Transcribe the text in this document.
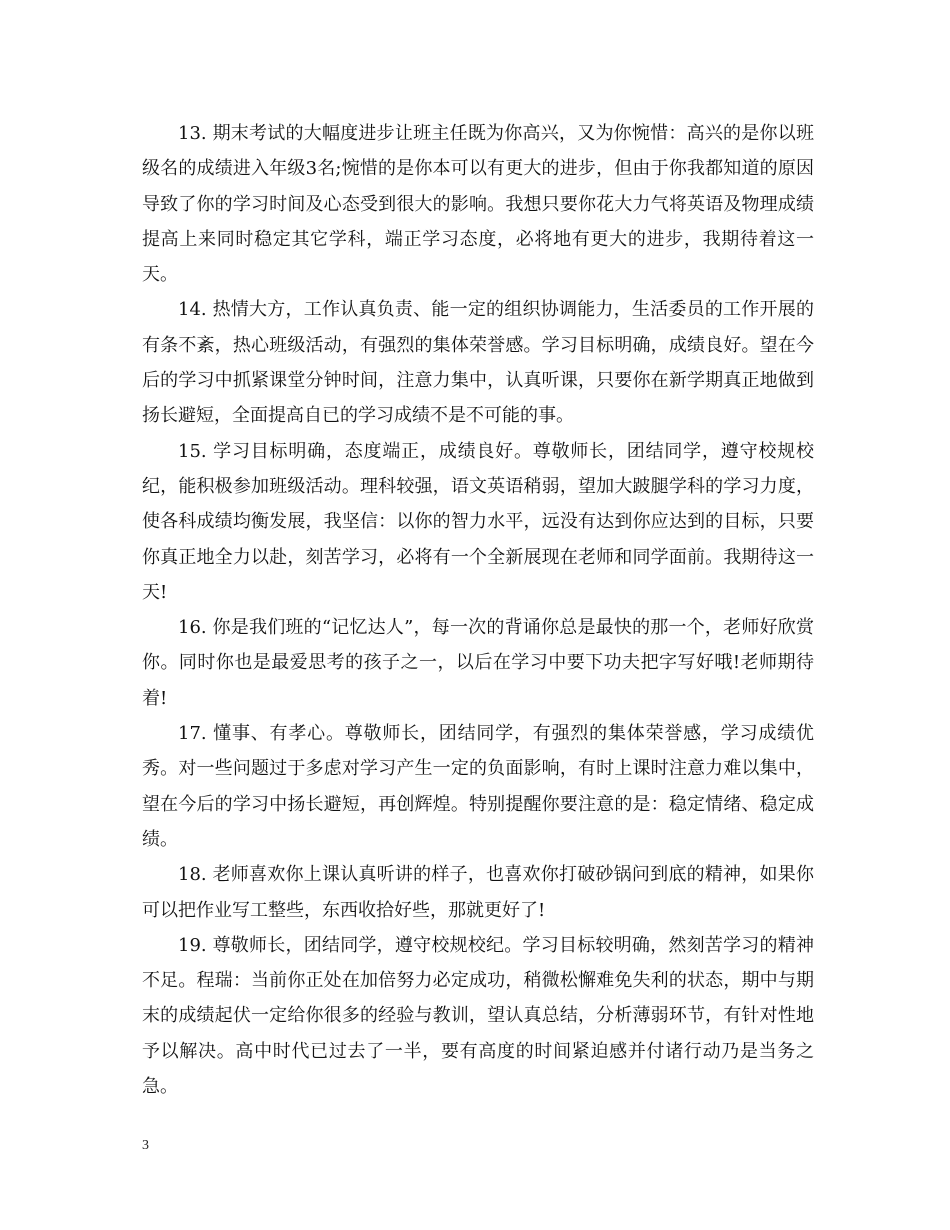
13. 期末考试的大幅度进步让班主任既为你高兴，又为你惋惜：高兴的是你以班级名的成绩进入年级3名;惋惜的是你本可以有更大的进步，但由于你我都知道的原因导致了你的学习时间及心态受到很大的影响。我想只要你花大力气将英语及物理成绩提高上来同时稳定其它学科，端正学习态度，必将地有更大的进步，我期待着这一天。

14. 热情大方，工作认真负责、能一定的组织协调能力，生活委员的工作开展的有条不紊，热心班级活动，有强烈的集体荣誉感。学习目标明确，成绩良好。望在今后的学习中抓紧课堂分钟时间，注意力集中，认真听课，只要你在新学期真正地做到扬长避短，全面提高自已的学习成绩不是不可能的事。

15. 学习目标明确，态度端正，成绩良好。尊敬师长，团结同学，遵守校规校纪，能积极参加班级活动。理科较强，语文英语稍弱，望加大跛腿学科的学习力度，使各科成绩均衡发展，我坚信：以你的智力水平，远没有达到你应达到的目标，只要你真正地全力以赴，刻苦学习，必将有一个全新展现在老师和同学面前。我期待这一天!

16. 你是我们班的“记忆达人”，每一次的背诵你总是最快的那一个，老师好欣赏你。同时你也是最爱思考的孩子之一，以后在学习中要下功夫把字写好哦!老师期待着!

17. 懂事、有孝心。尊敬师长，团结同学，有强烈的集体荣誉感，学习成绩优秀。对一些问题过于多虑对学习产生一定的负面影响，有时上课时注意力难以集中，望在今后的学习中扬长避短，再创辉煌。特别提醒你要注意的是：稳定情绪、稳定成绩。

18. 老师喜欢你上课认真听讲的样子，也喜欢你打破砂锅问到底的精神，如果你可以把作业写工整些，东西收拾好些，那就更好了!

19. 尊敬师长，团结同学，遵守校规校纪。学习目标较明确，然刻苦学习的精神不足。程瑞：当前你正处在加倍努力必定成功，稍微松懈难免失利的状态，期中与期末的成绩起伏一定给你很多的经验与教训，望认真总结，分析薄弱环节，有针对性地予以解决。高中时代已过去了一半，要有高度的时间紧迫感并付诸行动乃是当务之急。

3
